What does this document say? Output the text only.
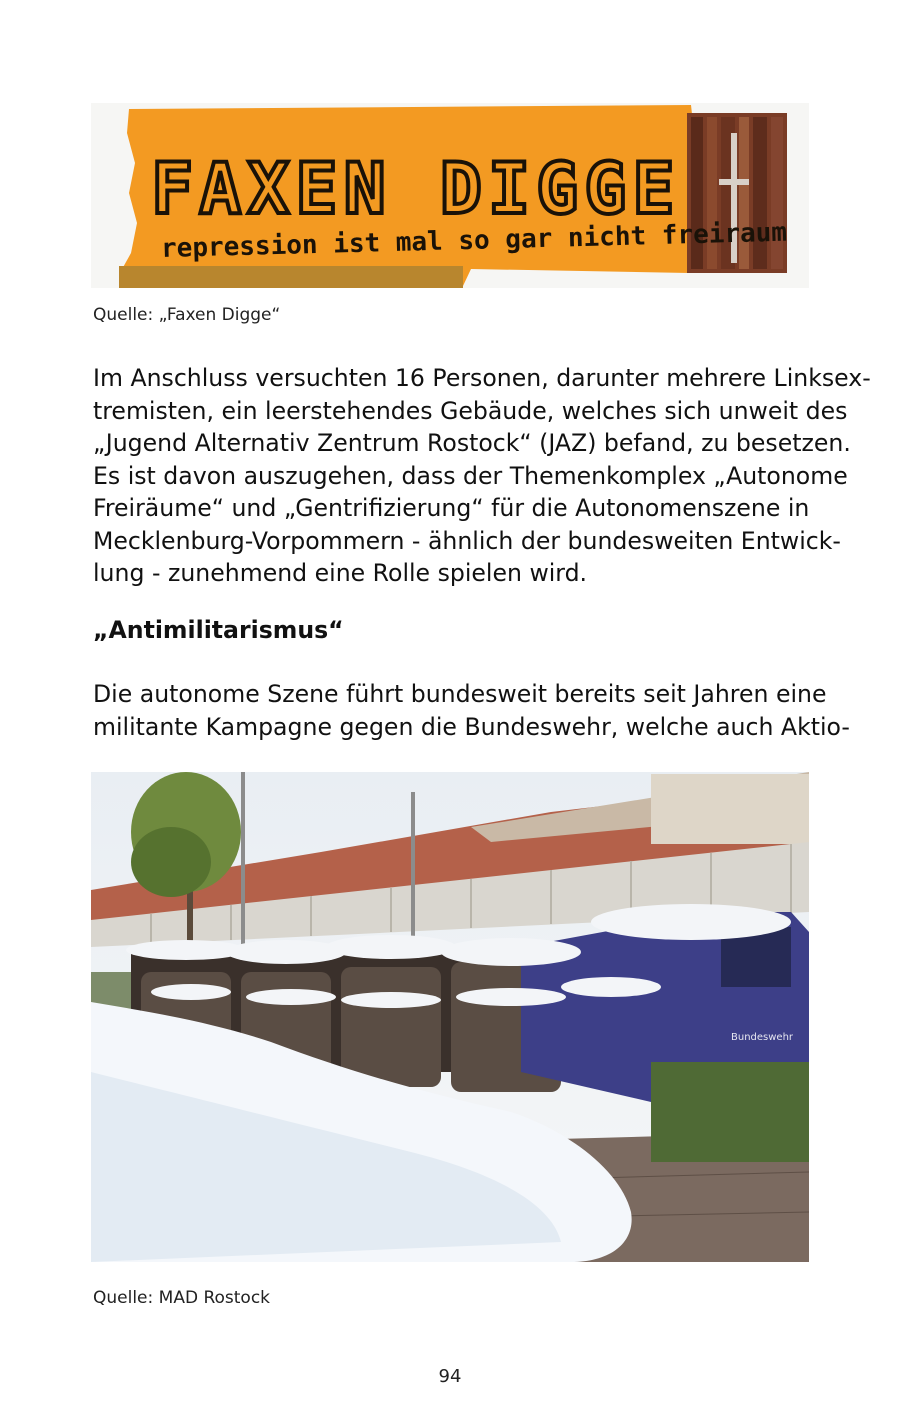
FAXEN DIGGE
repression ist mal so gar nicht freiraum
Quelle: „Faxen Digge“
Im Anschluss versuchten 16 Personen, darunter mehrere Linksex-
tremisten, ein leerstehendes Gebäude, welches sich unweit des
„Jugend Alternativ Zentrum Rostock“ (JAZ) befand, zu besetzen.
Es ist davon auszugehen, dass der Themenkomplex „Autonome
Freiräume“ und „Gentrifizierung“ für die Autonomenszene in
Mecklenburg-Vorpommern - ähnlich der bundesweiten Entwick-
lung - zunehmend eine Rolle spielen wird.
„Antimilitarismus“
Die autonome Szene führt bundesweit bereits seit Jahren eine
militante Kampagne gegen die Bundeswehr, welche auch Aktio-
Bundeswehr
Quelle: MAD Rostock
94
